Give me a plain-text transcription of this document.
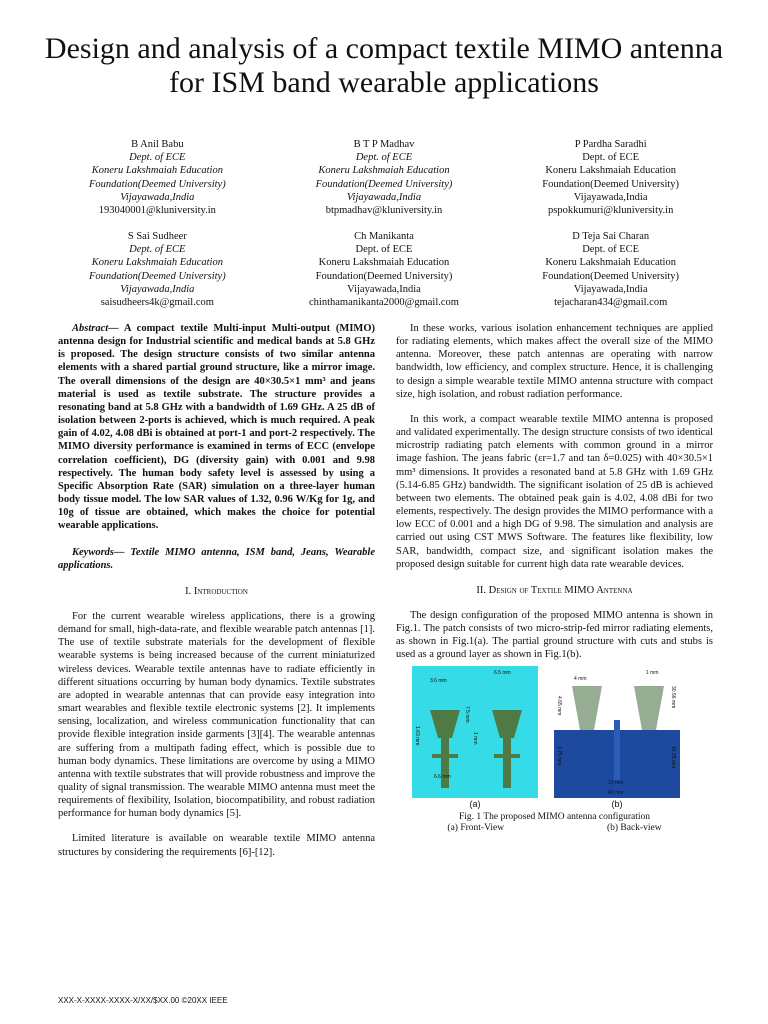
Design and analysis of a compact textile MIMO antenna for ISM band wearable applications
B Anil Babu
Dept. of ECE
Koneru Lakshmaiah Education
Foundation(Deemed University)
Vijayawada,India
193040001@kluniversity.in
B T P Madhav
Dept. of ECE
Koneru Lakshmaiah Education
Foundation(Deemed University)
Vijayawada,India
btpmadhav@kluniversity.in
P Pardha Saradhi
Dept. of ECE
Koneru Lakshmaiah Education
Foundation(Deemed University)
Vijayawada,India
pspokkumuri@kluniversity.in
S Sai Sudheer
Dept. of ECE
Koneru Lakshmaiah Education
Foundation(Deemed University)
Vijayawada,India
saisudheers4k@gmail.com
Ch Manikanta
Dept. of ECE
Koneru Lakshmaiah Education
Foundation(Deemed University)
Vijayawada,India
chinthamanikanta2000@gmail.com
D Teja Sai Charan
Dept. of ECE
Koneru Lakshmaiah Education
Foundation(Deemed University)
Vijayawada,India
tejacharan434@gmail.com

Abstract— A compact textile Multi-input Multi-output (MIMO) antenna design for Industrial scientific and medical bands at 5.8 GHz is proposed. The design structure consists of two similar antenna elements with a shared partial ground structure, like a mirror image. The overall dimensions of the design are 40×30.5×1 mm³ and jeans material is used as textile substrate. The structure provides a resonating band at 5.8 GHz with a bandwidth of 1.69 GHz. A 25 dB of isolation between 2-ports is achieved, which is much required. A peak gain of 4.02, 4.08 dBi is obtained at port-1 and port-2 respectively. The MIMO diversity performance is examined in terms of ECC (envelope correlation coefficient), DG (diversity gain) with 0.001 and 9.98 respectively. The human body safety level is assessed by using a Specific Absorption Rate (SAR) simulation on a three-layer human body tissue model. The low SAR values of 1.32, 0.96 W/Kg for 1g, and 10g of tissue are obtained, which makes the choice for potential wearable applications.

Keywords— Textile MIMO antenna, ISM band, Jeans, Wearable applications.

I. Introduction

For the current wearable wireless applications, there is a growing demand for small, high-data-rate, and flexible wearable patch antennas [1]. The use of textile substrate materials for the development of flexible wearable systems is being increased because of the current miniaturized wireless devices. Wearable textile antennas have to radiate efficiently in different situations occurring by human body dynamics. Textile substrates are adopted in wearable antennas that can provide easy integration into smart wearables and flexible textile electronic systems [2]. It implements sensing, localization, and wireless communication functionality that can provide flexible integration inside garments [3][4]. The wearable antennas are suffering from a multipath fading effect, which is possible due to human body dynamics. These limitations are overcome by using a MIMO antenna with textile substrates that will provide robustness and improve the quality of signal transmission. The wearable MIMO antenna must meet the requirements of flexibility, Isolation, biocompatibility, and robust radiation performance for human body dynamics [5].

Limited literature is available on wearable textile MIMO antenna structures by considering the requirements [6]-[12].

In these works, various isolation enhancement techniques are applied for radiating elements, which makes affect the overall size of the MIMO antenna. Moreover, these patch antennas are operating with narrow bandwidth, low efficiency, and complex structure. Hence, it is challenging to design a simple wearable textile MIMO antenna structure with compact size, high isolation, and robust radiation performance.

In this work, a compact wearable textile MIMO antenna is proposed and validated experimentally. The design structure consists of two identical microstrip radiating patch elements with common ground in a mirror image fashion. The jeans fabric (εr=1.7 and tan δ=0.025) with 40×30.5×1 mm³ dimensions. It provides a resonated band at 5.8 GHz with 1.69 GHz (5.14-6.85 GHz) bandwidth. The significant isolation of 25 dB is achieved between two elements. The obtained peak gain is 4.02, 4.08 dBi for two elements, respectively. The design provides the MIMO performance with a low ECC of 0.001 and a high DG of 9.98. The simulation and analysis are carried out using CST MWS Software. The features like flexibility, low SAR, bandwidth, compact size, and significant isolation makes the proposed design suitable for current high data rate wearable devices.

II. Design of Textile MIMO Antenna

The design configuration of the proposed MIMO antenna is shown in Fig.1. The patch consists of two micro-strip-fed mirror radiating elements, as shown in Fig.1(a). The partial ground structure with cuts and stubs is used as a ground layer as shown in Fig.1(b).

3.6 mm
6.5 mm
7.5 mm
1 mm
1.63 mm
6.6 mm
(a)
4 mm
1 mm
4.65 mm
3.75 mm
30.56 mm
10 mm
16.25 mm
40 mm
(b)

Fig. 1 The proposed MIMO antenna configuration

(a) Front-View	(b) Back-view
XXX-X-XXXX-XXXX-X/XX/$XX.00 ©20XX IEEE
